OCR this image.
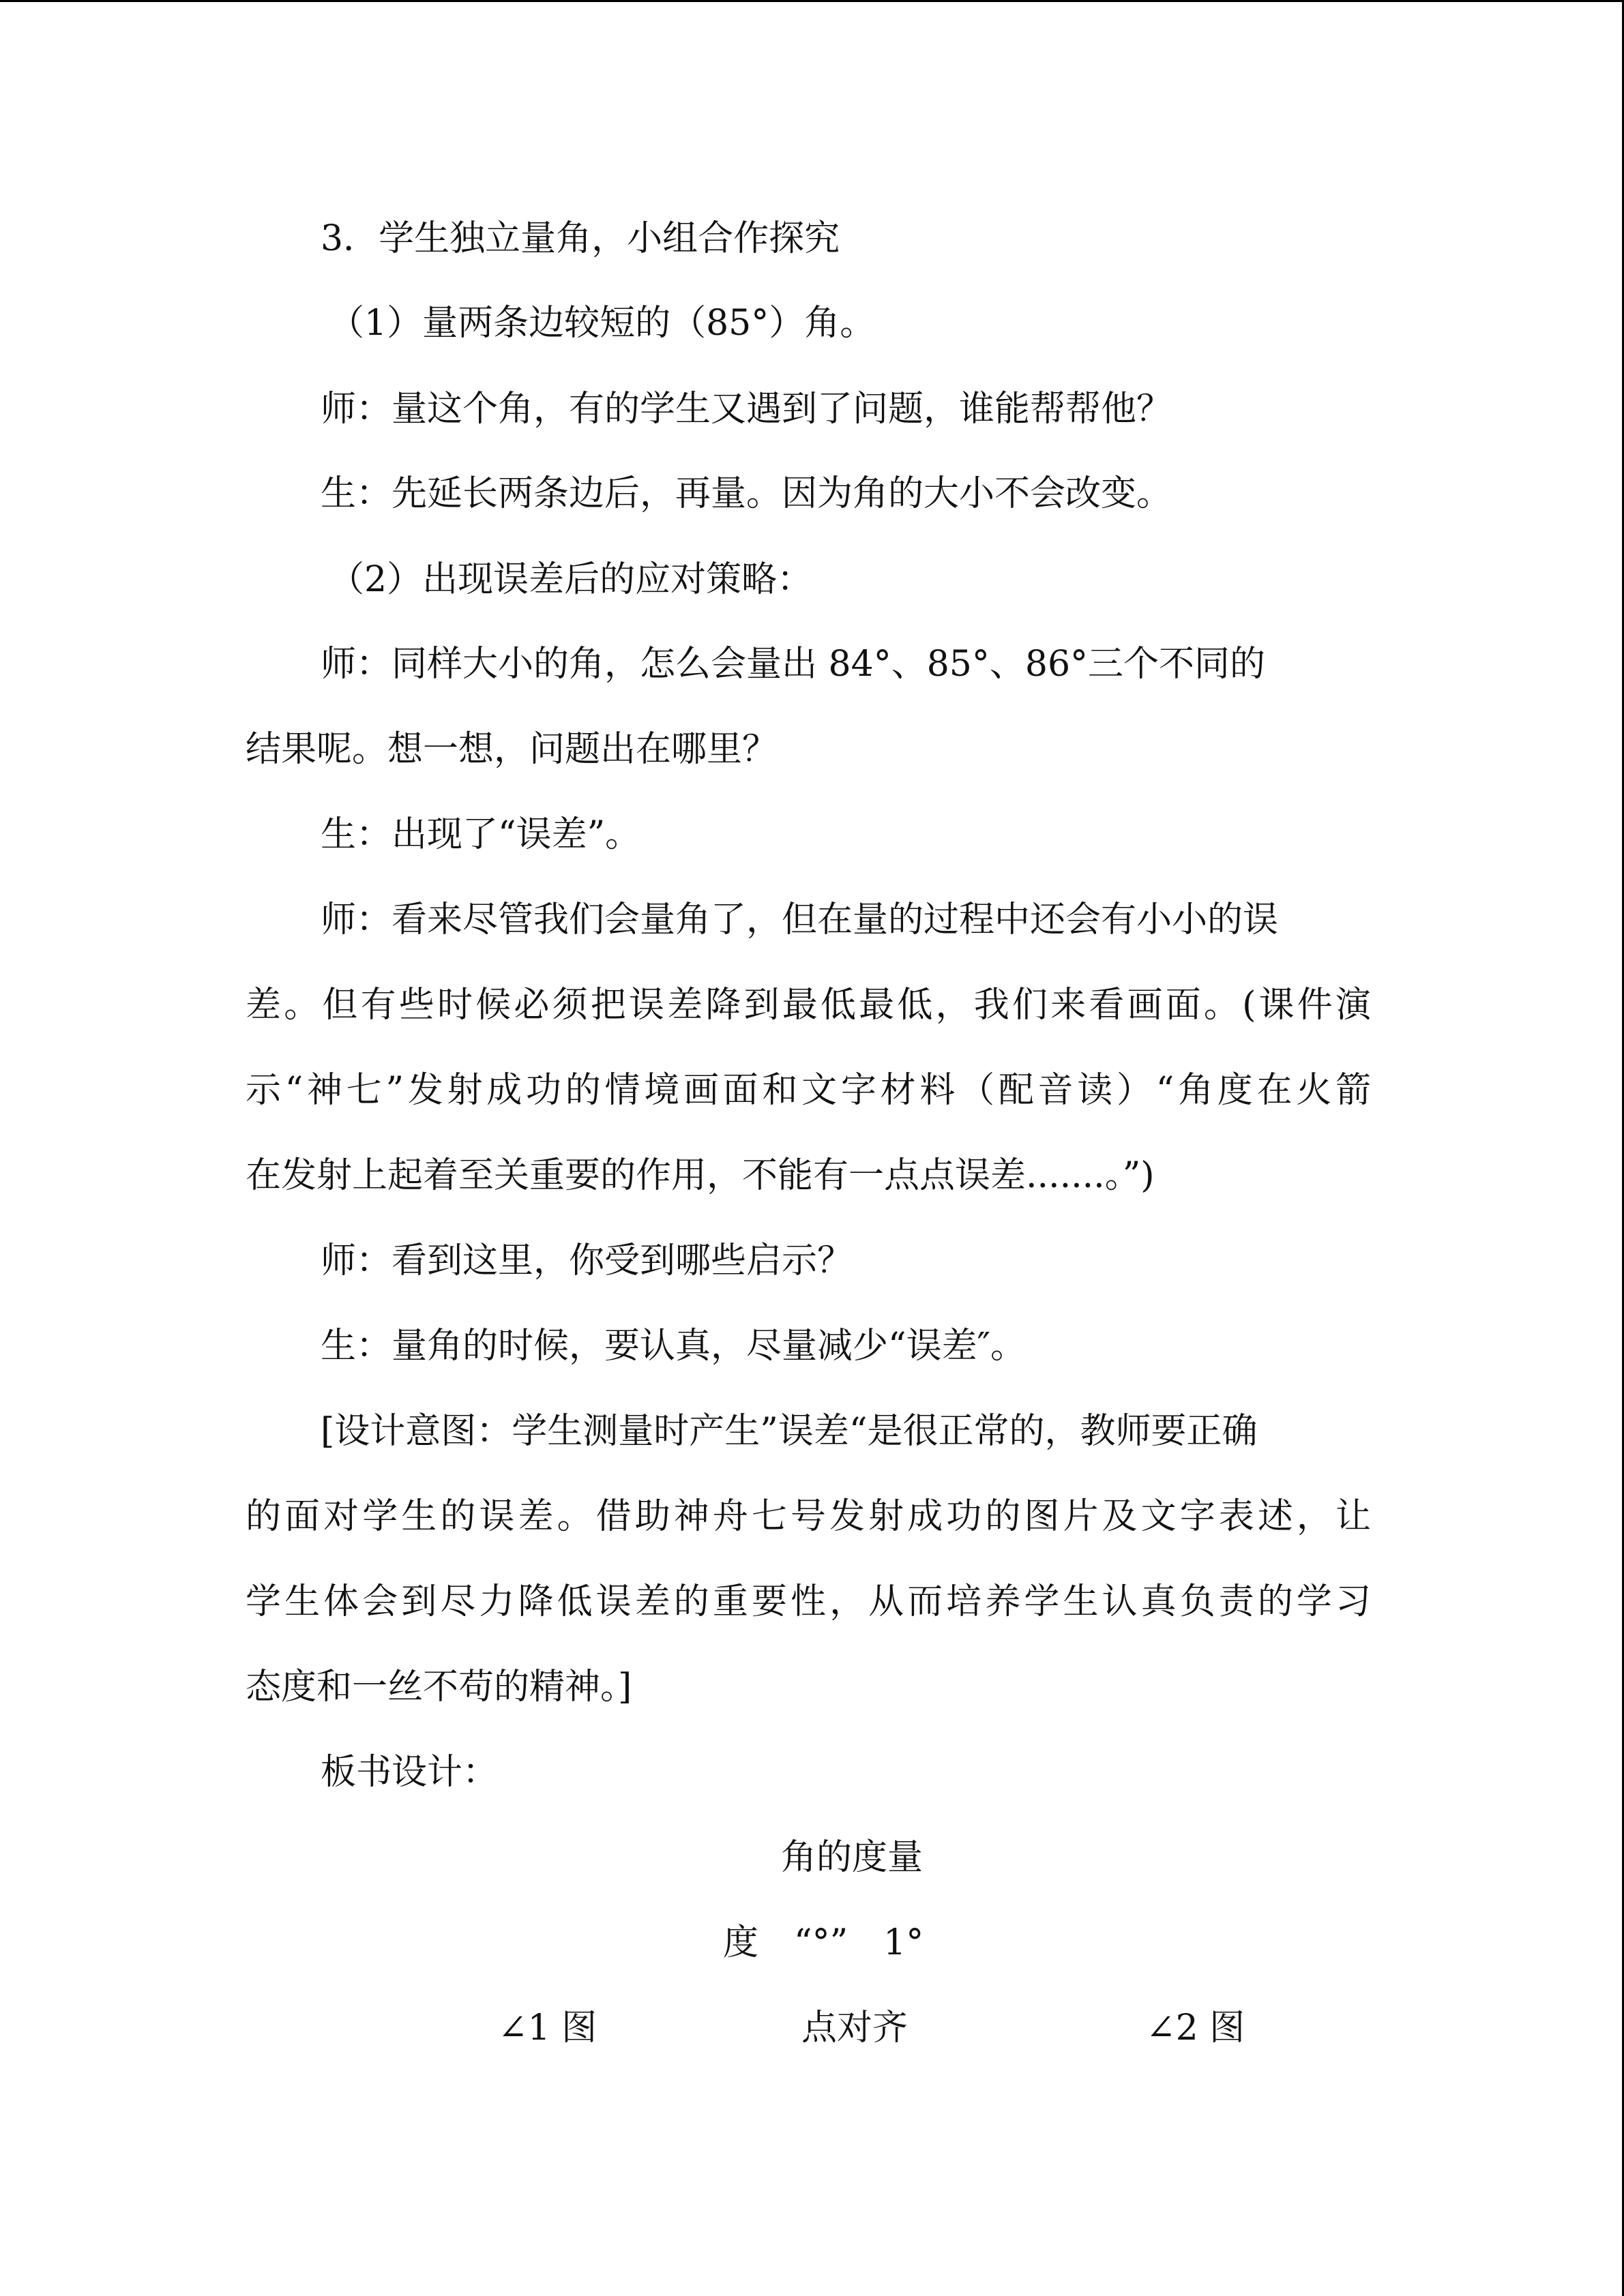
3．学生独立量角，小组合作探究
（1）量两条边较短的（85°）角。
师：量这个角，有的学生又遇到了问题，谁能帮帮他？
生：先延长两条边后，再量。因为角的大小不会改变。
（2）出现误差后的应对策略：
师：同样大小的角，怎么会量出 84°、85°、86°三个不同的
结果呢。想一想，问题出在哪里？
生：出现了“误差”。
师：看来尽管我们会量角了，但在量的过程中还会有小小的误
差。但有些时候必须把误差降到最低最低，我们来看画面。(课件演
示“神七”发射成功的情境画面和文字材料（配音读）“角度在火箭
在发射上起着至关重要的作用，不能有一点点误差.......。”)
师：看到这里，你受到哪些启示？
生：量角的时候，要认真，尽量减少“误差″。
[设计意图：学生测量时产生”误差“是很正常的，教师要正确
的面对学生的误差。借助神舟七号发射成功的图片及文字表述，让
学生体会到尽力降低误差的重要性，从而培养学生认真负责的学习
态度和一丝不苟的精神。]
板书设计：
角的度量
度　“°”　1°
∠1 图	点对齐	∠2 图
